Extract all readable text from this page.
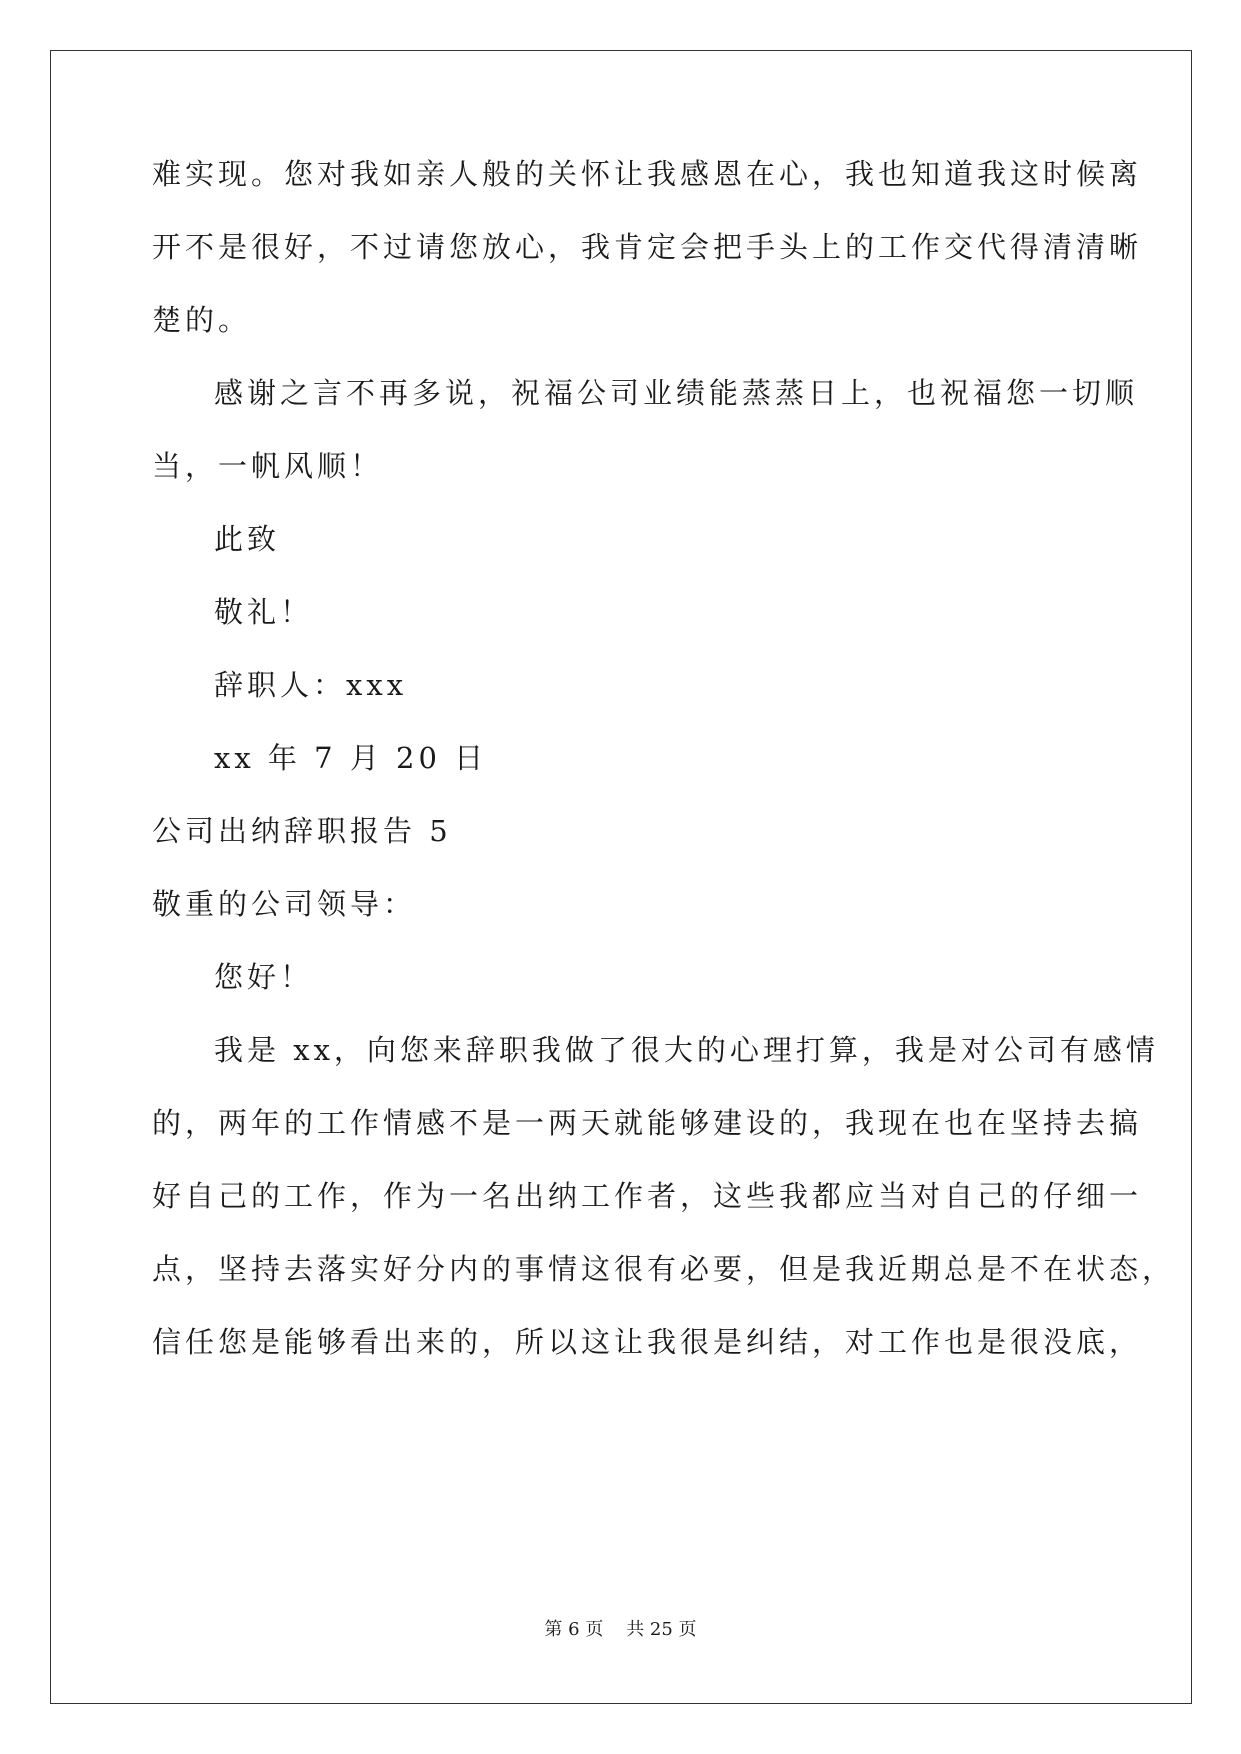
难实现。您对我如亲人般的关怀让我感恩在心，我也知道我这时候离
开不是很好，不过请您放心，我肯定会把手头上的工作交代得清清晰
楚的。
感谢之言不再多说，祝福公司业绩能蒸蒸日上，也祝福您一切顺
当，一帆风顺！
此致
敬礼！
辞职人：xxx
xx 年 7 月 20 日
公司出纳辞职报告 5
敬重的公司领导：
您好！
我是 xx，向您来辞职我做了很大的心理打算，我是对公司有感情
的，两年的工作情感不是一两天就能够建设的，我现在也在坚持去搞
好自己的工作，作为一名出纳工作者，这些我都应当对自己的仔细一
点，坚持去落实好分内的事情这很有必要，但是我近期总是不在状态，
信任您是能够看出来的，所以这让我很是纠结，对工作也是很没底，
第 6 页    共 25 页
